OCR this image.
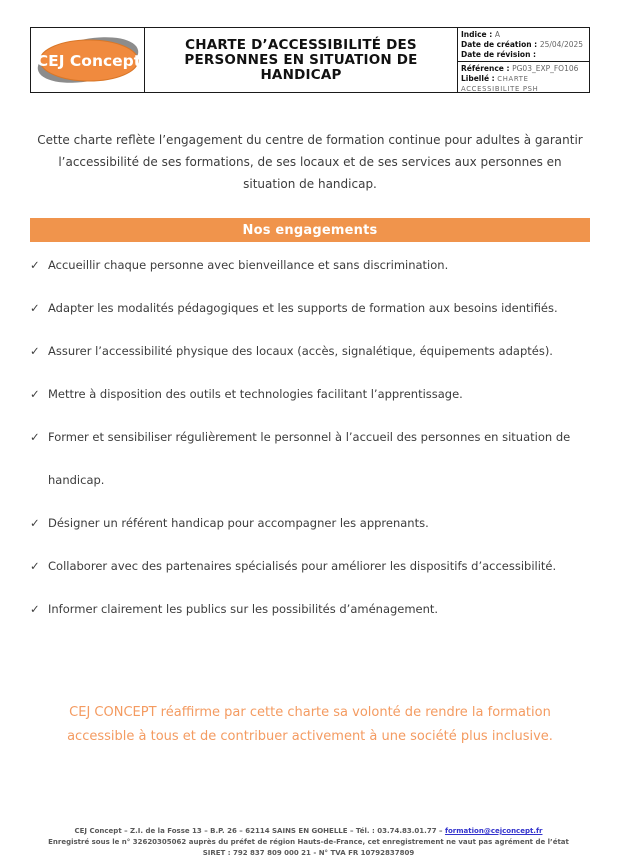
CEJ Concept
CHARTE D’ACCESSIBILITÉ DES PERSONNES EN SITUATION DE HANDICAP
Indice : A
Date de création : 25/04/2025
Date de révision :
Référence : PG03_EXP_FO106
Libellé : CHARTE ACCESSIBILITE PSH

Cette charte reflète l’engagement du centre de formation continue pour adultes à garantir l’accessibilité de ses formations, de ses locaux et de ses services aux personnes en situation de handicap.

Nos engagements
✓ Accueillir chaque personne avec bienveillance et sans discrimination.
✓ Adapter les modalités pédagogiques et les supports de formation aux besoins identifiés.
✓ Assurer l’accessibilité physique des locaux (accès, signalétique, équipements adaptés).
✓ Mettre à disposition des outils et technologies facilitant l’apprentissage.
✓ Former et sensibiliser régulièrement le personnel à l’accueil des personnes en situation de handicap.
✓ Désigner un référent handicap pour accompagner les apprenants.
✓ Collaborer avec des partenaires spécialisés pour améliorer les dispositifs d’accessibilité.
✓ Informer clairement les publics sur les possibilités d’aménagement.

CEJ CONCEPT réaffirme par cette charte sa volonté de rendre la formation accessible à tous et de contribuer activement à une société plus inclusive.

CEJ Concept – Z.I. de la Fosse 13 – B.P. 26 – 62114 SAINS EN GOHELLE – Tél. : 03.74.83.01.77 – formation@cejconcept.fr
Enregistré sous le n° 32620305062 auprès du préfet de région Hauts-de-France, cet enregistrement ne vaut pas agrément de l’état
SIRET : 792 837 809 000 21 - N° TVA FR 10792837809
